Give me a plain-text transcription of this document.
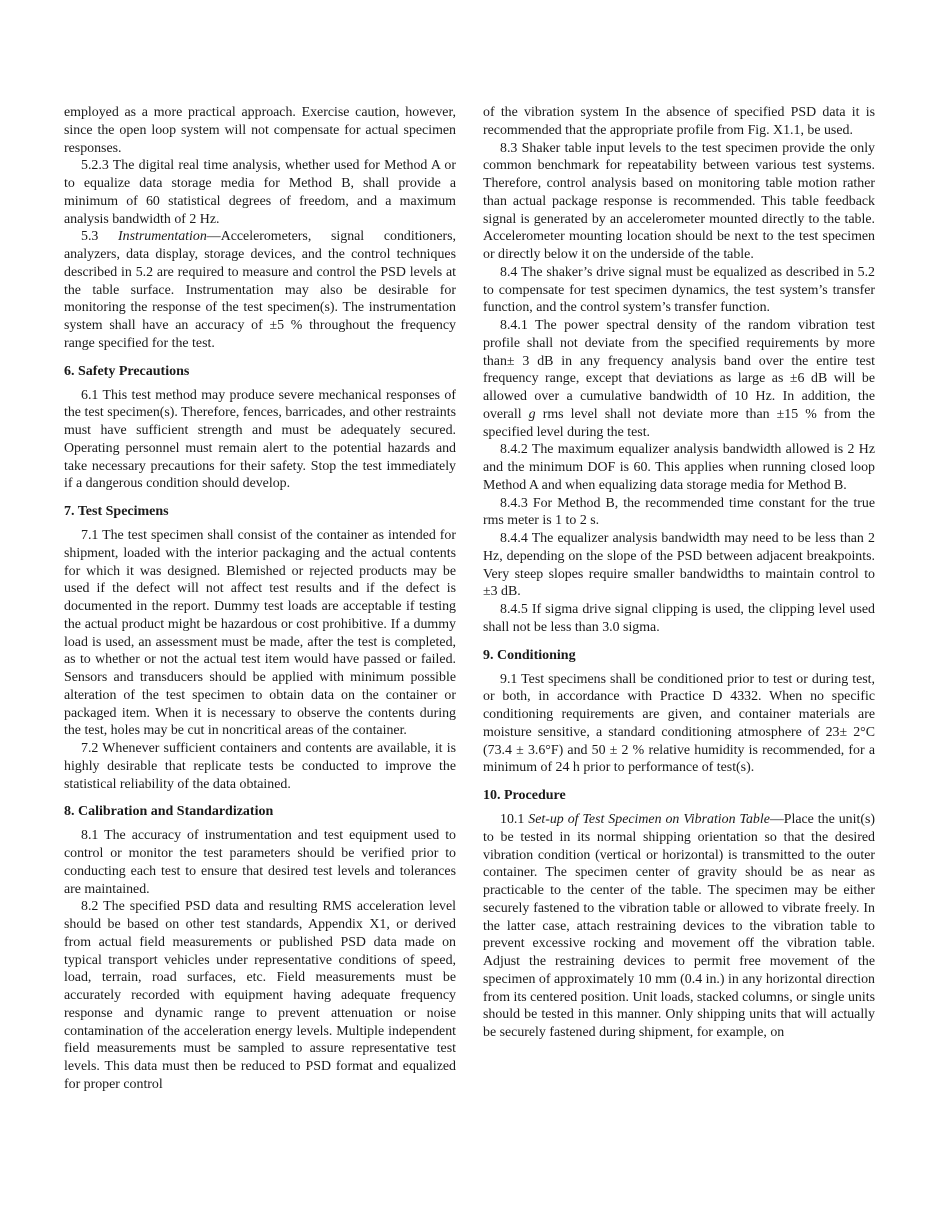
employed as a more practical approach. Exercise caution, however, since the open loop system will not compensate for actual specimen responses.

5.2.3 The digital real time analysis, whether used for Method A or to equalize data storage media for Method B, shall provide a minimum of 60 statistical degrees of freedom, and a maximum analysis bandwidth of 2 Hz.

5.3 Instrumentation—Accelerometers, signal conditioners, analyzers, data display, storage devices, and the control techniques described in 5.2 are required to measure and control the PSD levels at the table surface. Instrumentation may also be desirable for monitoring the response of the test specimen(s). The instrumentation system shall have an accuracy of ±5 % throughout the frequency range specified for the test.

6. Safety Precautions

6.1 This test method may produce severe mechanical responses of the test specimen(s). Therefore, fences, barricades, and other restraints must have sufficient strength and must be adequately secured. Operating personnel must remain alert to the potential hazards and take necessary precautions for their safety. Stop the test immediately if a dangerous condition should develop.

7. Test Specimens

7.1 The test specimen shall consist of the container as intended for shipment, loaded with the interior packaging and the actual contents for which it was designed. Blemished or rejected products may be used if the defect will not affect test results and if the defect is documented in the report. Dummy test loads are acceptable if testing the actual product might be hazardous or cost prohibitive. If a dummy load is used, an assessment must be made, after the test is completed, as to whether or not the actual test item would have passed or failed. Sensors and transducers should be applied with minimum possible alteration of the test specimen to obtain data on the container or packaged item. When it is necessary to observe the contents during the test, holes may be cut in noncritical areas of the container.

7.2 Whenever sufficient containers and contents are available, it is highly desirable that replicate tests be conducted to improve the statistical reliability of the data obtained.

8. Calibration and Standardization

8.1 The accuracy of instrumentation and test equipment used to control or monitor the test parameters should be verified prior to conducting each test to ensure that desired test levels and tolerances are maintained.

8.2 The specified PSD data and resulting RMS acceleration level should be based on other test standards, Appendix X1, or derived from actual field measurements or published PSD data made on typical transport vehicles under representative conditions of speed, load, terrain, road surfaces, etc. Field measurements must be accurately recorded with equipment having adequate frequency response and dynamic range to prevent attenuation or noise contamination of the acceleration energy levels. Multiple independent field measurements must be sampled to assure representative test levels. This data must then be reduced to PSD format and equalized for proper control

of the vibration system In the absence of specified PSD data it is recommended that the appropriate profile from Fig. X1.1, be used.

8.3 Shaker table input levels to the test specimen provide the only common benchmark for repeatability between various test systems. Therefore, control analysis based on monitoring table motion rather than actual package response is recommended. This table feedback signal is generated by an accelerometer mounted directly to the table. Accelerometer mounting location should be next to the test specimen or directly below it on the underside of the table.

8.4 The shaker’s drive signal must be equalized as described in 5.2 to compensate for test specimen dynamics, the test system’s transfer function, and the control system’s transfer function.

8.4.1 The power spectral density of the random vibration test profile shall not deviate from the specified requirements by more than± 3 dB in any frequency analysis band over the entire test frequency range, except that deviations as large as ±6 dB will be allowed over a cumulative bandwidth of 10 Hz. In addition, the overall g rms level shall not deviate more than ±15 % from the specified level during the test.

8.4.2 The maximum equalizer analysis bandwidth allowed is 2 Hz and the minimum DOF is 60. This applies when running closed loop Method A and when equalizing data storage media for Method B.

8.4.3 For Method B, the recommended time constant for the true rms meter is 1 to 2 s.

8.4.4 The equalizer analysis bandwidth may need to be less than 2 Hz, depending on the slope of the PSD between adjacent breakpoints. Very steep slopes require smaller bandwidths to maintain control to ±3 dB.

8.4.5 If sigma drive signal clipping is used, the clipping level used shall not be less than 3.0 sigma.

9. Conditioning

9.1 Test specimens shall be conditioned prior to test or during test, or both, in accordance with Practice D 4332. When no specific conditioning requirements are given, and container materials are moisture sensitive, a standard conditioning atmosphere of 23± 2°C (73.4 ± 3.6°F) and 50 ± 2 % relative humidity is recommended, for a minimum of 24 h prior to performance of test(s).

10. Procedure

10.1 Set-up of Test Specimen on Vibration Table—Place the unit(s) to be tested in its normal shipping orientation so that the desired vibration condition (vertical or horizontal) is transmitted to the outer container. The specimen center of gravity should be as near as practicable to the center of the table. The specimen may be either securely fastened to the vibration table or allowed to vibrate freely. In the latter case, attach restraining devices to the vibration table to prevent excessive rocking and movement off the vibration table. Adjust the restraining devices to permit free movement of the specimen of approximately 10 mm (0.4 in.) in any horizontal direction from its centered position. Unit loads, stacked columns, or single units should be tested in this manner. Only shipping units that will actually be securely fastened during shipment, for example, on
